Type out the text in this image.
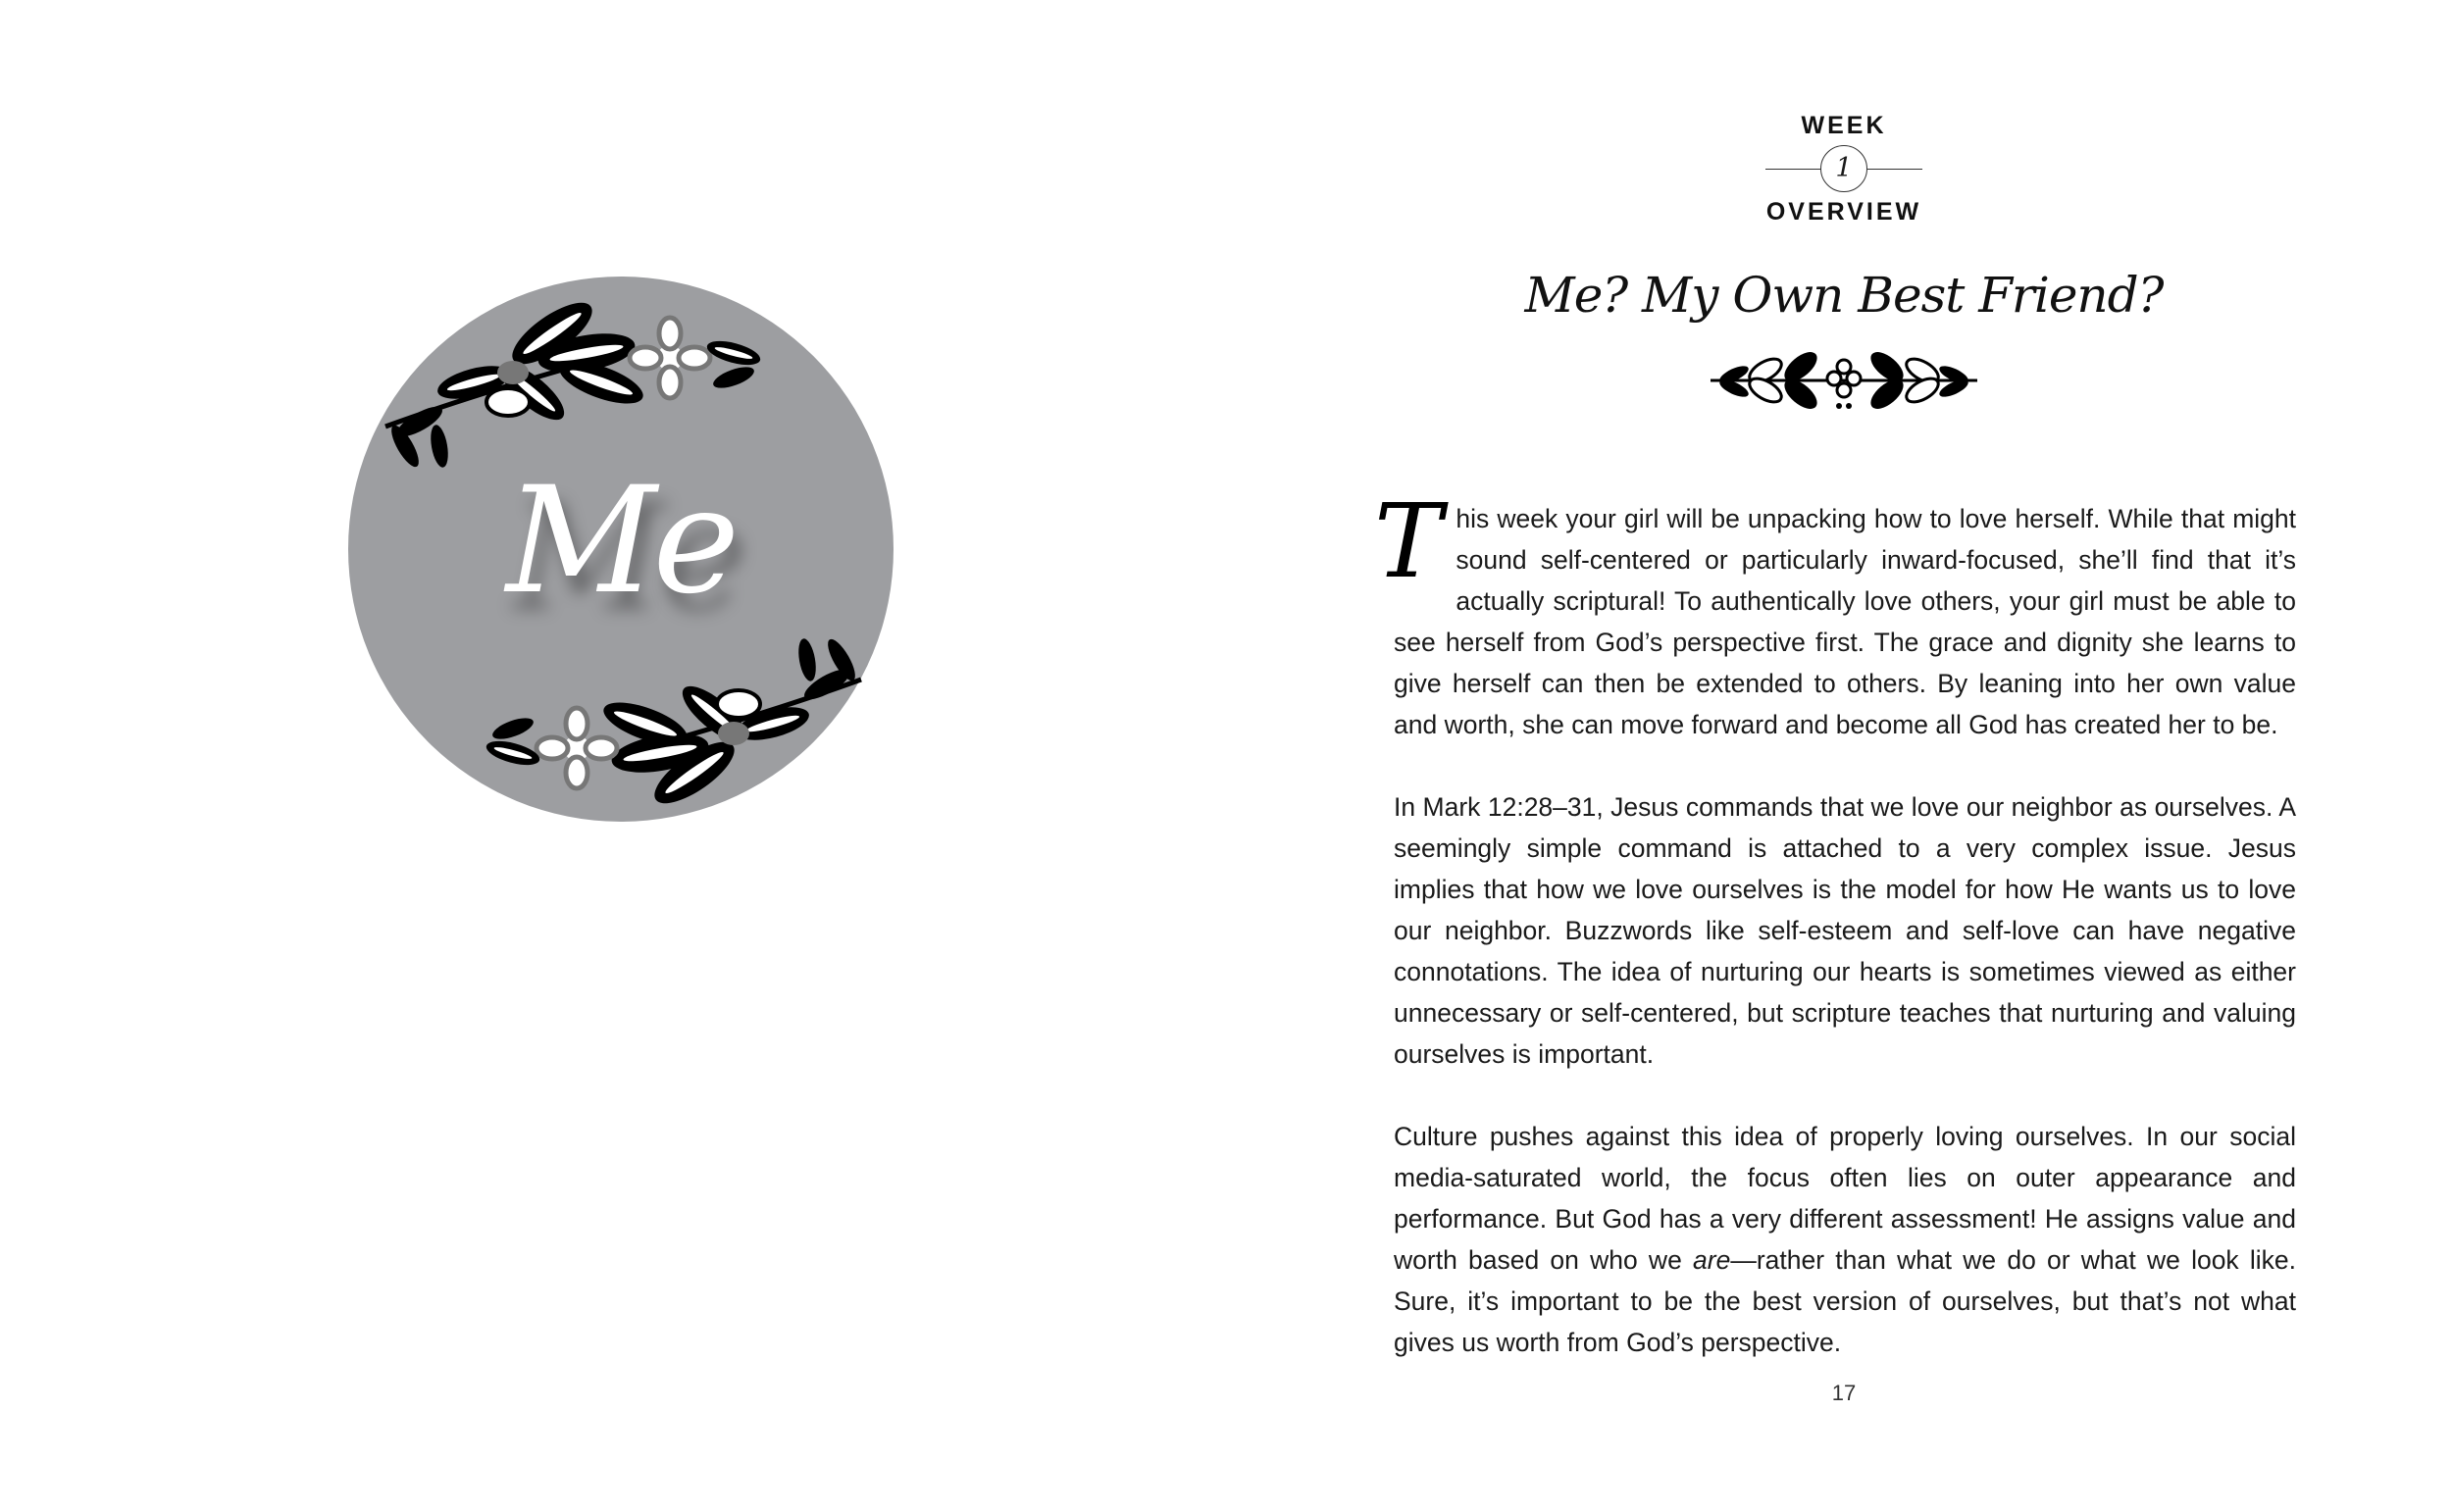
Me
WEEK
1
OVERVIEW
Me? My Own Best Friend?

This week your girl will be unpacking how to love herself. While that might sound self-centered or particularly inward-focused, she’ll find that it’s actually scriptural! To authentically love others, your girl must be able to see herself from God’s perspective first. The grace and dignity she learns to give herself can then be extended to others. By leaning into her own value and worth, she can move forward and become all God has created her to be.

In Mark 12:28–31, Jesus commands that we love our neighbor as ourselves. A seemingly simple command is attached to a very complex issue. Jesus implies that how we love ourselves is the model for how He wants us to love our neighbor. Buzzwords like self-esteem and self-love can have negative connotations. The idea of nurturing our hearts is sometimes viewed as either unnecessary or self-centered, but scripture teaches that nurturing and valuing ourselves is important.

Culture pushes against this idea of properly loving ourselves. In our social media-saturated world, the focus often lies on outer appearance and performance. But God has a very different assessment! He assigns value and worth based on who we are—rather than what we do or what we look like. Sure, it’s important to be the best version of ourselves, but that’s not what gives us worth from God’s perspective.

17
